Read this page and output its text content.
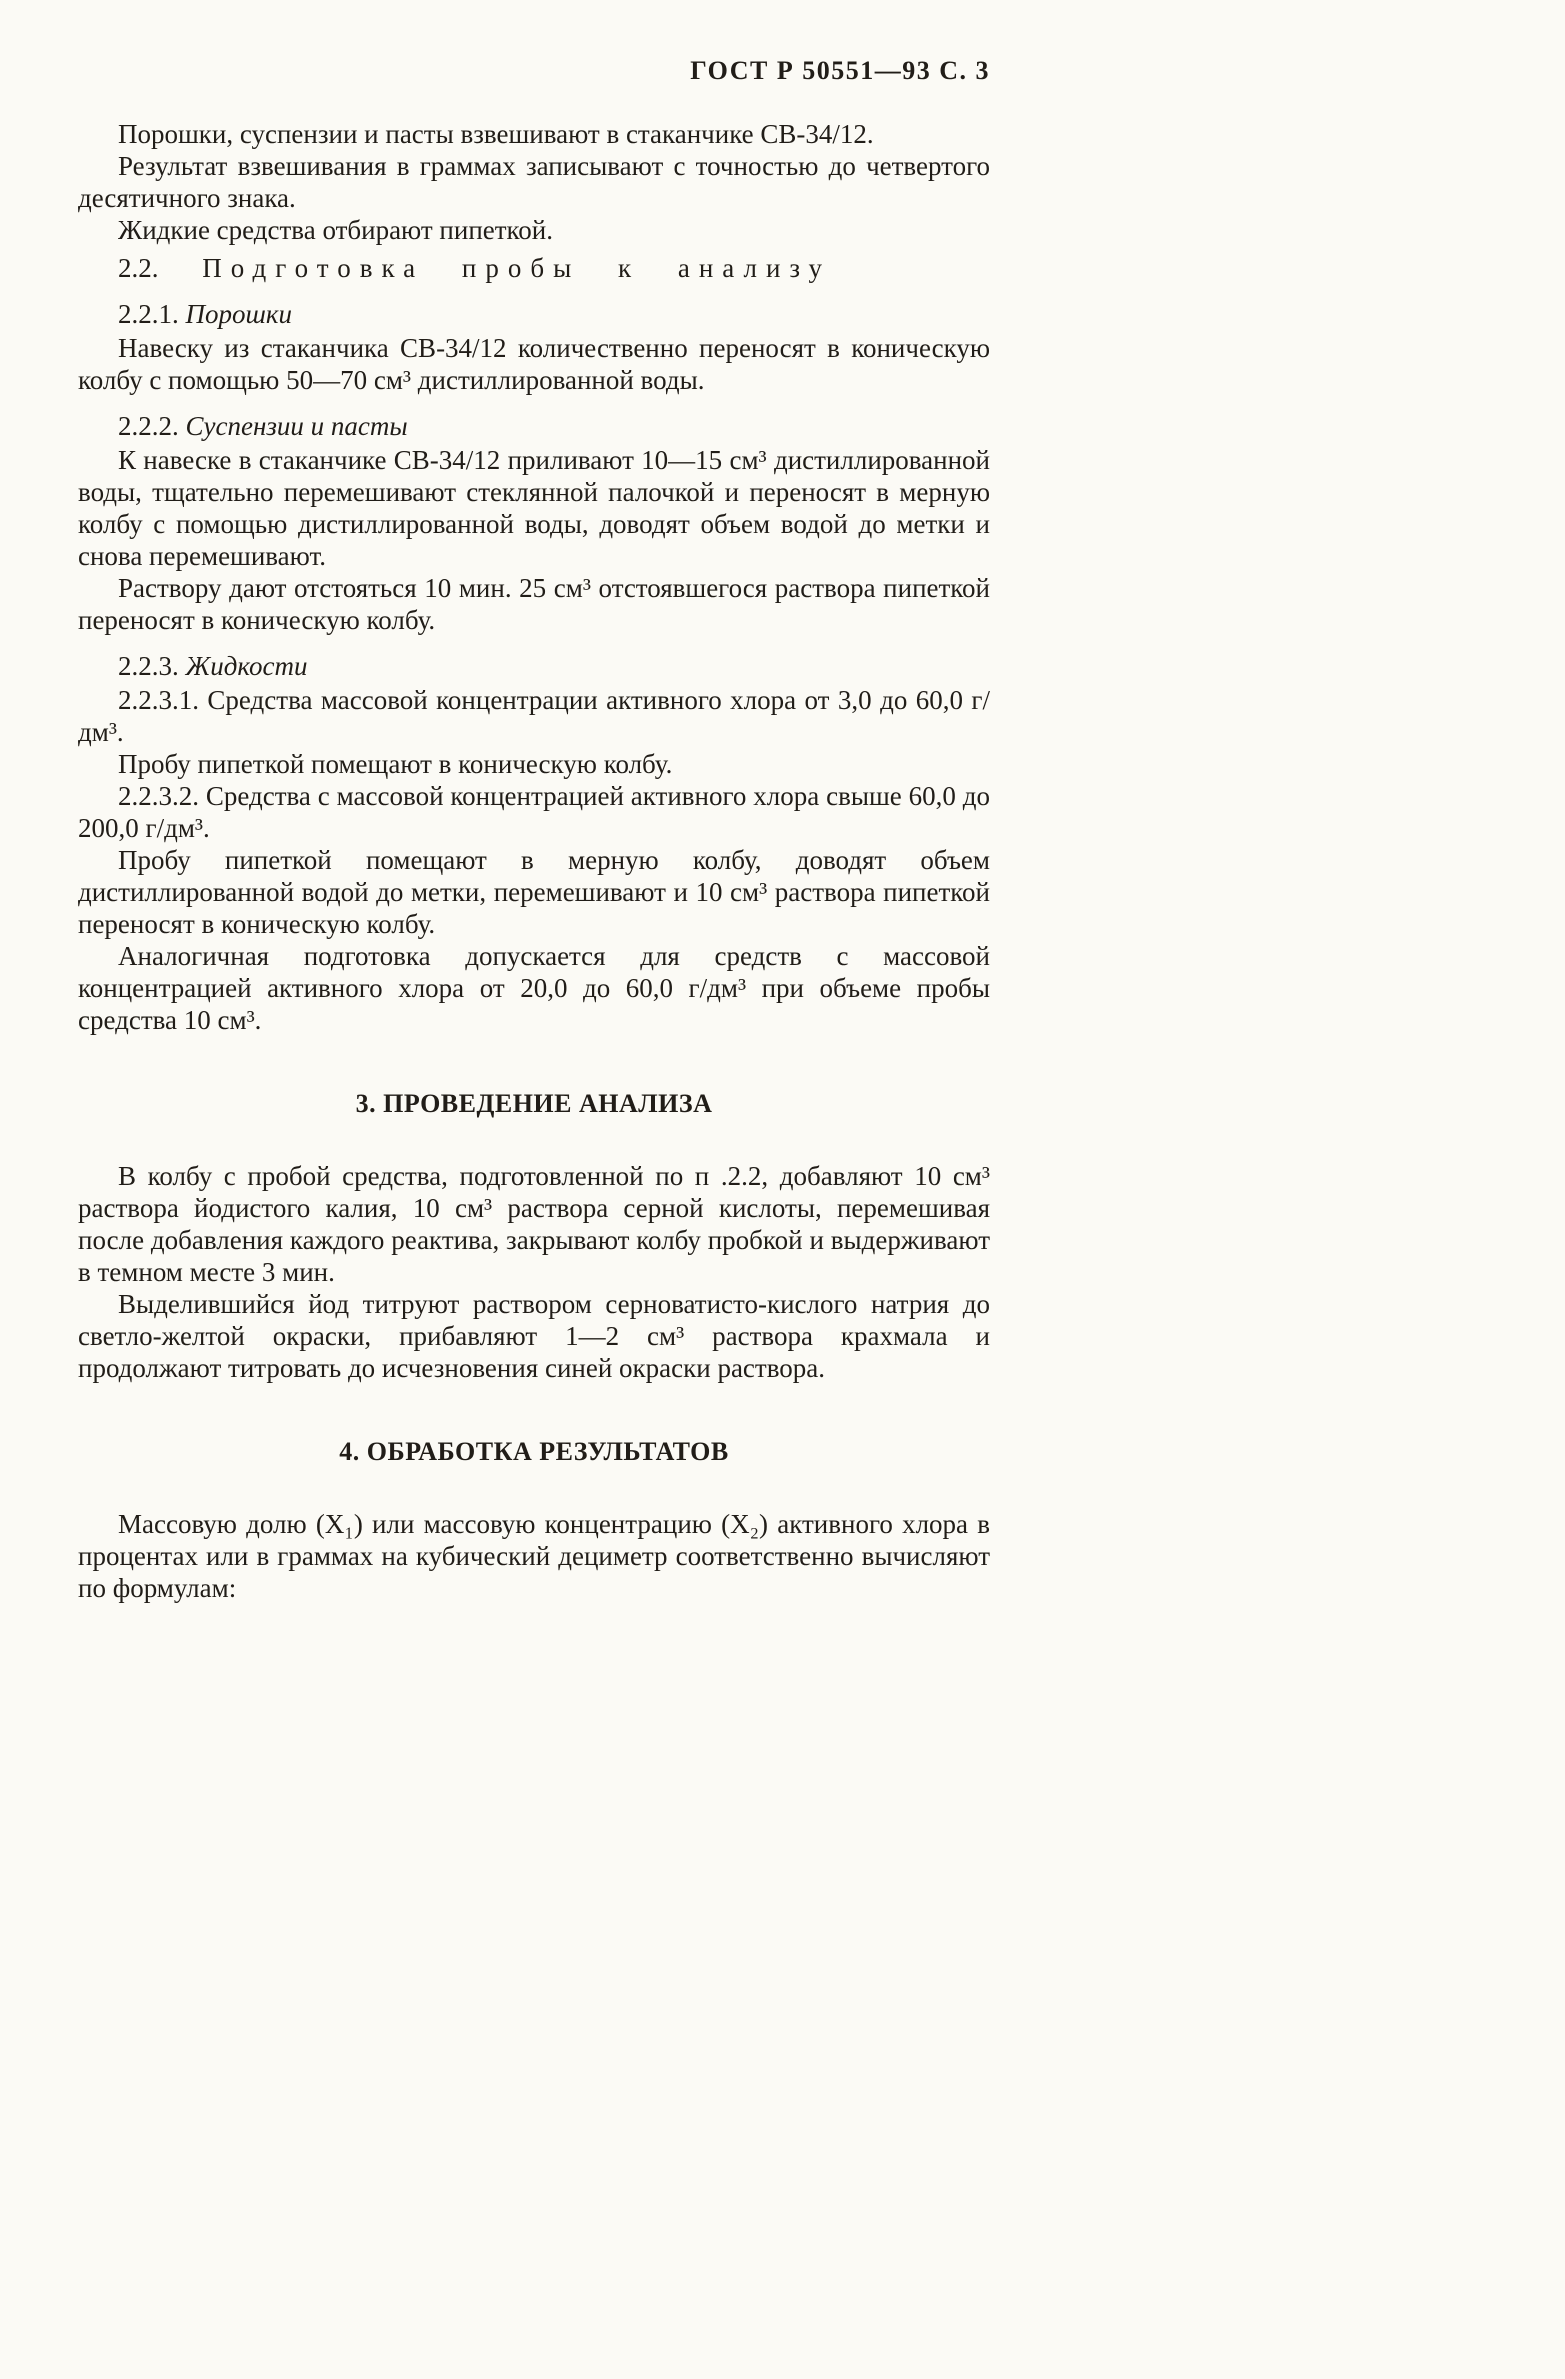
ГОСТ Р 50551—93 С. 3

Порошки, суспензии и пасты взвешивают в стаканчике СВ-34/12.

Результат взвешивания в граммах записывают с точностью до четвертого десятичного знака.

Жидкие средства отбирают пипеткой.

2.2. Подготовка пробы к анализу

2.2.1. Порошки

Навеску из стаканчика СВ-34/12 количественно переносят в коническую колбу с помощью 50—70 см³ дистиллированной воды.

2.2.2. Суспензии и пасты

К навеске в стаканчике СВ-34/12 приливают 10—15 см³ дистиллированной воды, тщательно перемешивают стеклянной палочкой и переносят в мерную колбу с помощью дистиллированной воды, доводят объем водой до метки и снова перемешивают.

Раствору дают отстояться 10 мин. 25 см³ отстоявшегося раствора пипеткой переносят в коническую колбу.

2.2.3. Жидкости

2.2.3.1. Средства массовой концентрации активного хлора от 3,0 до 60,0 г/дм³.

Пробу пипеткой помещают в коническую колбу.

2.2.3.2. Средства с массовой концентрацией активного хлора свыше 60,0 до 200,0 г/дм³.

Пробу пипеткой помещают в мерную колбу, доводят объем дистиллированной водой до метки, перемешивают и 10 см³ раствора пипеткой переносят в коническую колбу.

Аналогичная подготовка допускается для средств с массовой концентрацией активного хлора от 20,0 до 60,0 г/дм³ при объеме пробы средства 10 см³.

3. ПРОВЕДЕНИЕ АНАЛИЗА

В колбу с пробой средства, подготовленной по п .2.2, добавляют 10 см³ раствора йодистого калия, 10 см³ раствора серной кислоты, перемешивая после добавления каждого реактива, закрывают колбу пробкой и выдерживают в темном месте 3 мин.

Выделившийся йод титруют раствором серноватисто-кислого натрия до светло-желтой окраски, прибавляют 1—2 см³ раствора крахмала и продолжают титровать до исчезновения синей окраски раствора.

4. ОБРАБОТКА РЕЗУЛЬТАТОВ

Массовую долю (X₁) или массовую концентрацию (X₂) активного хлора в процентах или в граммах на кубический дециметр соответственно вычисляют по формулам:
